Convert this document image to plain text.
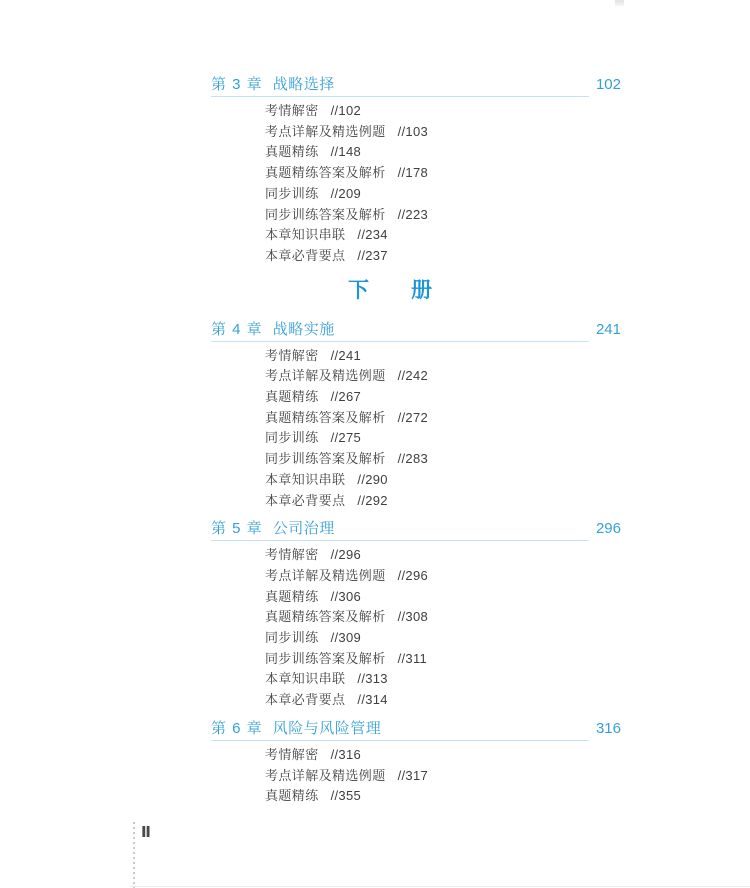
第 3 章 战略选择	102
考情解密 //102
考点详解及精选例题 //103
真题精练 //148
真题精练答案及解析 //178
同步训练 //209
同步训练答案及解析 //223
本章知识串联 //234
本章必背要点 //237
下　　册
第 4 章 战略实施	241
考情解密 //241
考点详解及精选例题 //242
真题精练 //267
真题精练答案及解析 //272
同步训练 //275
同步训练答案及解析 //283
本章知识串联 //290
本章必背要点 //292
第 5 章 公司治理	296
考情解密 //296
考点详解及精选例题 //296
真题精练 //306
真题精练答案及解析 //308
同步训练 //309
同步训练答案及解析 //311
本章知识串联 //313
本章必背要点 //314
第 6 章 风险与风险管理	316
考情解密 //316
考点详解及精选例题 //317
真题精练 //355
Ⅱ
